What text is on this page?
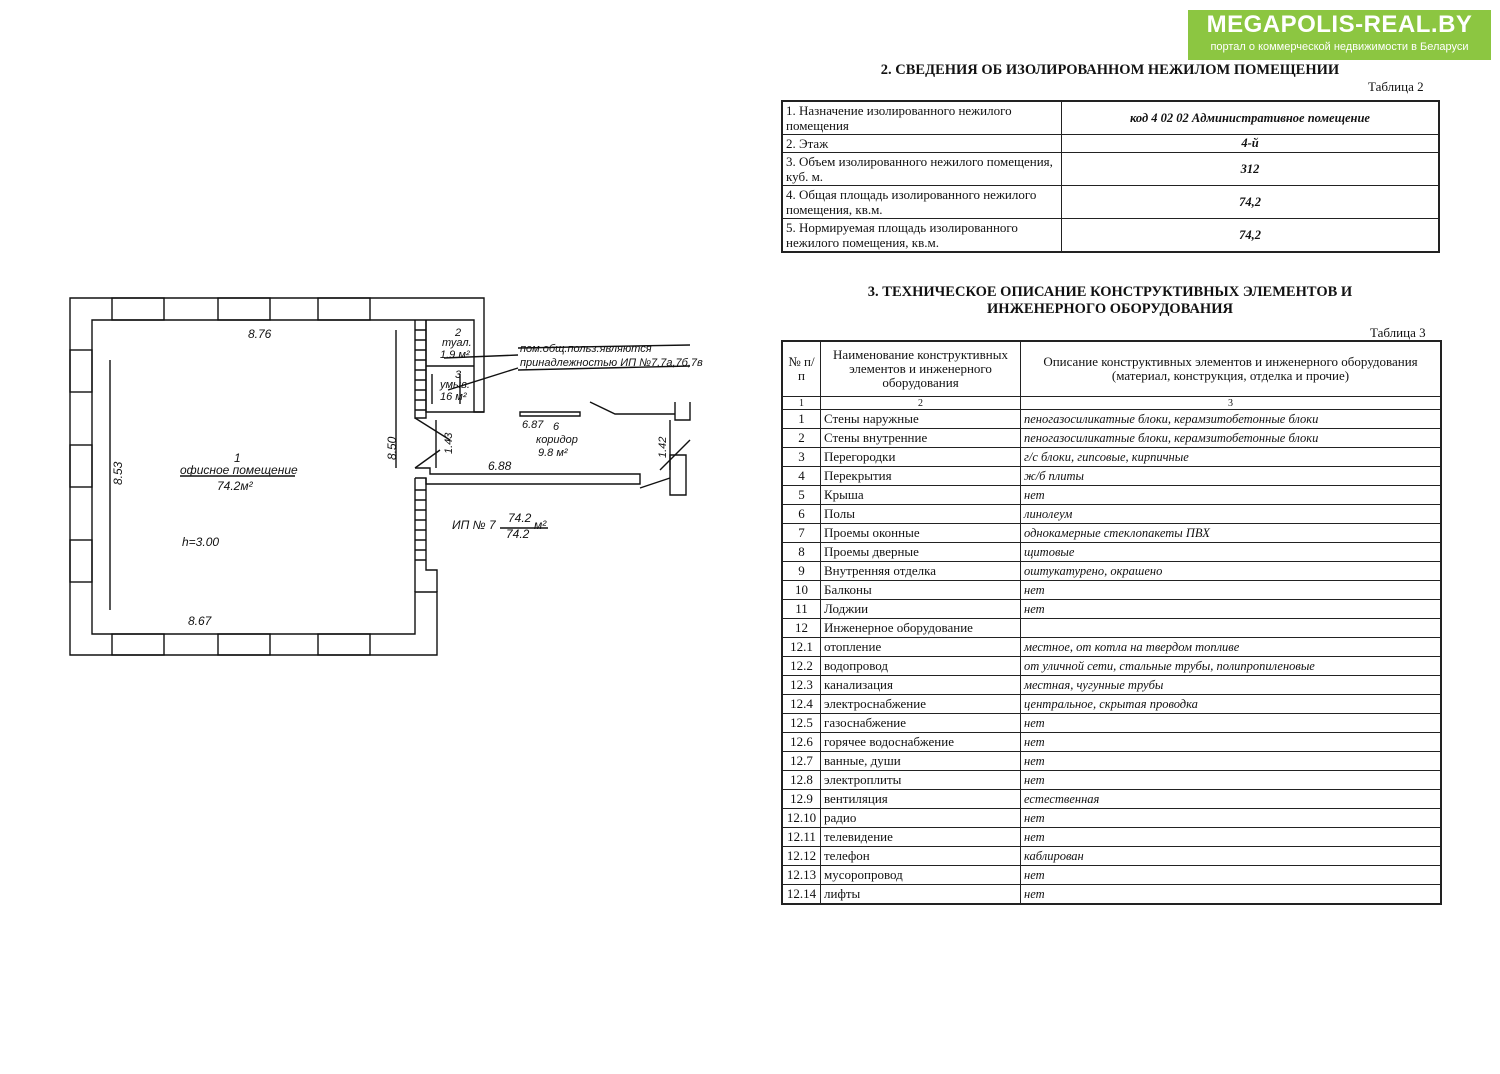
MEGAPOLIS-REAL.BY
портал о коммерческой недвижимости в Беларуси
8.76
8.67
8.53
8.50	1.43
6.88
6.87
1.42
1
офисное помещение
74.2м²
h=3.00
2
туал.
1.9 м²
3
умыв.
16 м²
6
коридор
9.8 м²
пом.общ.польз.являются
принадлежностью ИП №7,7а,7б,7в
ИП № 7 74.2
74.2
м²
2. СВЕДЕНИЯ ОБ ИЗОЛИРОВАННОМ НЕЖИЛОМ ПОМЕЩЕНИИ
Таблица 2
1. Назначение изолированного нежилого помещения	код 4 02 02 Административное помещение
2. Этаж	4-й
3. Объем изолированного нежилого помещения, куб. м.	312
4. Общая площадь изолированного нежилого помещения, кв.м.	74,2
5. Нормируемая площадь изолированного нежилого помещения, кв.м.	74,2
3. ТЕХНИЧЕСКОЕ ОПИСАНИЕ КОНСТРУКТИВНЫХ ЭЛЕМЕНТОВ И
ИНЖЕНЕРНОГО ОБОРУДОВАНИЯ
Таблица 3
№ п/п	Наименование конструктивных элементов и инженерного оборудования	Описание конструктивных элементов и инженерного оборудования (материал, конструкция, отделка и прочие)
1	2	3
1	Стены наружные	пеногазосиликатные блоки, керамзитобетонные блоки
2	Стены внутренние	пеногазосиликатные блоки, керамзитобетонные блоки
3	Перегородки	г/с блоки, гипсовые, кирпичные
4	Перекрытия	ж/б плиты
5	Крыша	нет
6	Полы	линолеум
7	Проемы оконные	однокамерные стеклопакеты ПВХ
8	Проемы дверные	щитовые
9	Внутренняя отделка	оштукатурено, окрашено
10	Балконы	нет
11	Лоджии	нет
12	Инженерное оборудование	
12.1	отопление	местное, от котла на твердом топливе
12.2	водопровод	от уличной сети, стальные трубы, полипропиленовые
12.3	канализация	местная, чугунные трубы
12.4	электроснабжение	центральное, скрытая проводка
12.5	газоснабжение	нет
12.6	горячее водоснабжение	нет
12.7	ванные, души	нет
12.8	электроплиты	нет
12.9	вентиляция	естественная
12.10	радио	нет
12.11	телевидение	нет
12.12	телефон	каблирован
12.13	мусоропровод	нет
12.14	лифты	нет
